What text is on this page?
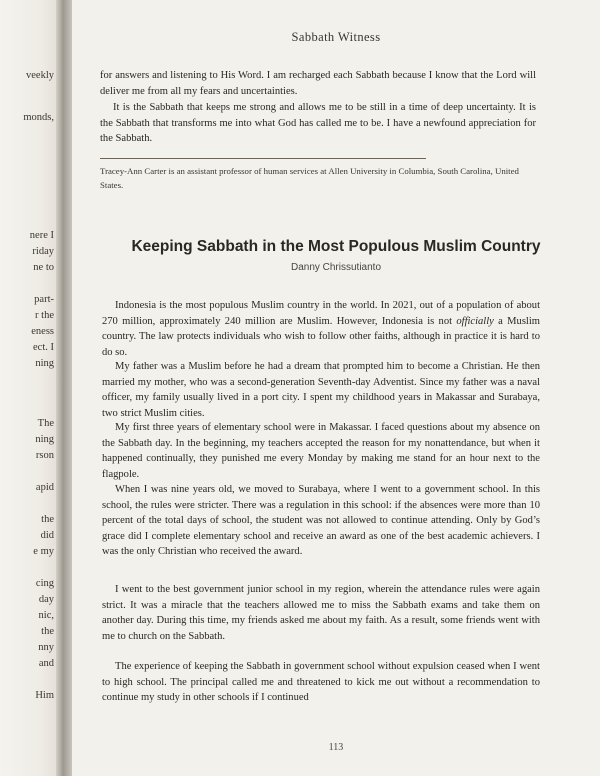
veekly
monds,
nere I
riday
ne to
part-
r the
eness
ect. I
ning
The
ning
rson
apid
the
did
e my
cing
day
nic,
the
nny
and
Him
Sabbath Witness

for answers and listening to His Word. I am recharged each Sabbath because I know that the Lord will deliver me from all my fears and uncertainties.

It is the Sabbath that keeps me strong and allows me to be still in a time of deep uncertainty. It is the Sabbath that transforms me into what God has called me to be. I have a newfound appreciation for the Sabbath.

Tracey-Ann Carter is an assistant professor of human services at Allen University in Columbia, South Carolina, United States.

Keeping Sabbath in the Most Populous Muslim Country
Danny Chrissutianto

Indonesia is the most populous Muslim country in the world. In 2021, out of a population of about 270 million, approximately 240 million are Muslim. However, Indonesia is not officially a Muslim country. The law protects individuals who wish to follow other faiths, although in practice it is hard to do so.

My father was a Muslim before he had a dream that prompted him to become a Christian. He then married my mother, who was a second-generation Seventh-day Adventist. Since my father was a naval officer, my family usually lived in a port city. I spent my childhood years in Makassar and Surabaya, two strict Muslim cities.

My first three years of elementary school were in Makassar. I faced questions about my absence on the Sabbath day. In the beginning, my teachers accepted the reason for my nonattendance, but when it happened continually, they punished me every Monday by making me stand for an hour next to the flagpole.

When I was nine years old, we moved to Surabaya, where I went to a government school. In this school, the rules were stricter. There was a regulation in this school: if the absences were more than 10 percent of the total days of school, the student was not allowed to continue attending. Only by God’s grace did I complete elementary school and receive an award as one of the best academic achievers. I was the only Christian who received the award.

I went to the best government junior school in my region, wherein the attendance rules were again strict. It was a miracle that the teachers allowed me to miss the Sabbath exams and take them on another day. During this time, my friends asked me about my faith. As a result, some friends went with me to church on the Sabbath.

The experience of keeping the Sabbath in government school without expulsion ceased when I went to high school. The principal called me and threatened to kick me out without a recommendation to continue my study in other schools if I continued

113
